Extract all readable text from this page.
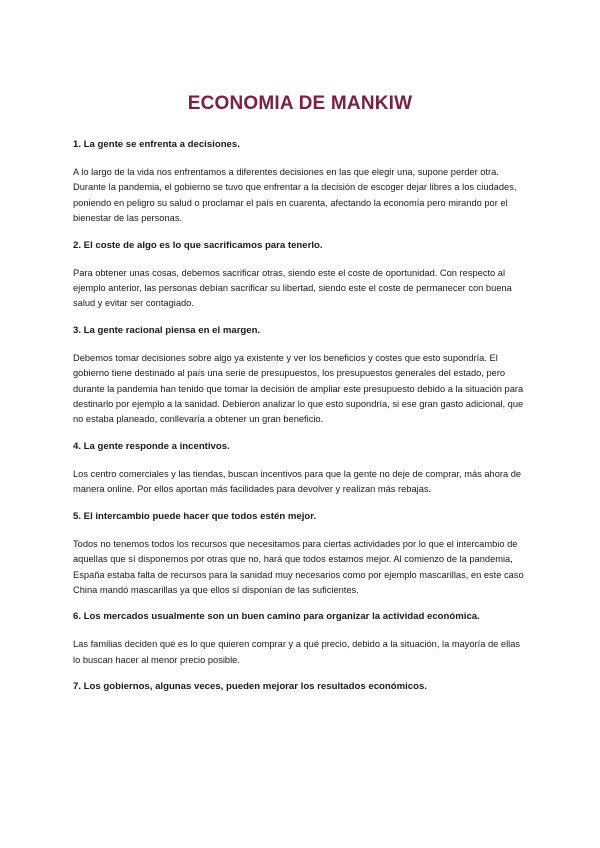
ECONOMIA DE MANKIW
1. La gente se enfrenta a decisiones.

A lo largo de la vida nos enfrentamos a diferentes decisiones en las que elegir una, supone perder otra. Durante la pandemia, el gobierno se tuvo que enfrentar a la decisión de escoger dejar libres a los ciudades, poniendo en peligro su salud o proclamar el país en cuarenta, afectando la economía pero mirando por el bienestar de las personas.

2. El coste de algo es lo que sacrificamos para tenerlo.

Para obtener unas cosas, debemos sacrificar otras, siendo este el coste de oportunidad. Con respecto al ejemplo anterior, las personas debían sacrificar su libertad, siendo este el coste de permanecer con buena salud y evitar ser contagiado.

3. La gente racional piensa en el margen.

Debemos tomar decisiones sobre algo ya existente y ver los beneficios y costes que esto supondría. El gobierno tiene destinado al país una serie de presupuestos, los presupuestos generales del estado, pero durante la pandemia han tenido que tomar la decisión de ampliar este presupuesto debido a la situación para destinarlo por ejemplo a la sanidad. Debieron analizar lo que esto supondría, si ese gran gasto adicional, que no estaba planeado, conllevaría a obtener un gran beneficio.

4. La gente responde a incentivos.

Los centro comerciales y las tiendas, buscan incentivos para que la gente no deje de comprar, más ahora de manera online. Por ellos aportan más facilidades para devolver y realizan más rebajas.

5. El intercambio puede hacer que todos estén mejor.

Todos no tenemos todos los recursos que necesitamos para ciertas actividades por lo que el intercambio de aquellas que sí disponemos por otras que no, hará que todos estamos mejor. Al comienzo de la pandemia, España estaba falta de recursos para la sanidad muy necesarios como por ejemplo mascarillas, en este caso China mandó mascarillas ya que ellos sí disponían de las suficientes.

6. Los mercados usualmente son un buen camino para organizar la actividad económica.

Las familias deciden qué es lo que quieren comprar y a qué precio, debido a la situación, la mayoría de ellas lo buscan hacer al menor precio posible.

7. Los gobiernos, algunas veces, pueden mejorar los resultados económicos.
